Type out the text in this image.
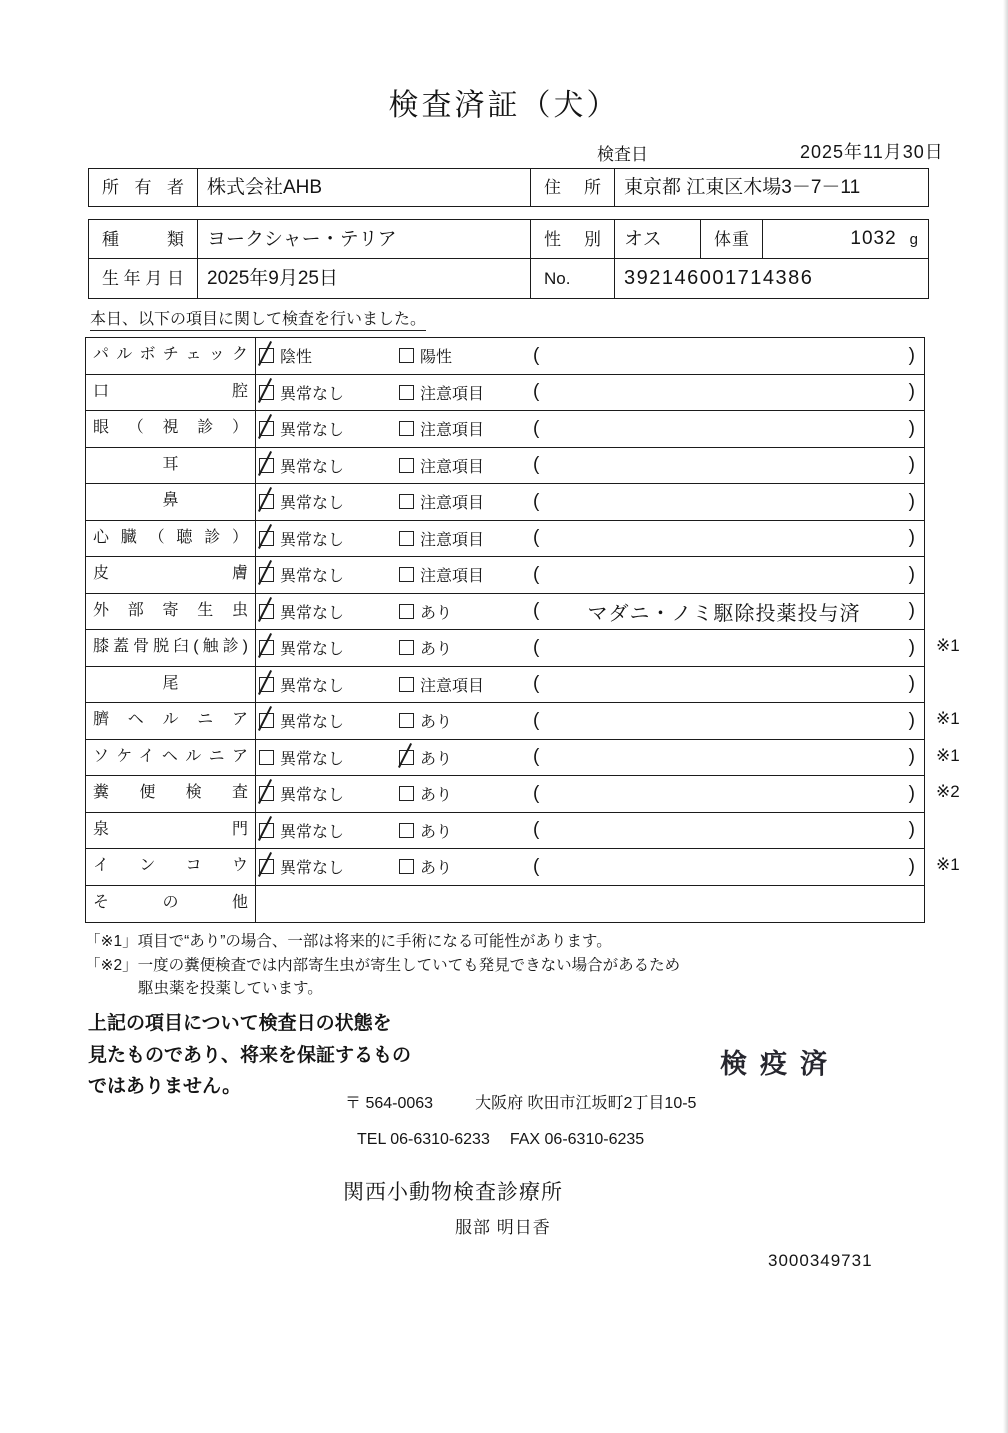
検査済証（犬）
検査日	2025年11月30日
所有者	株式会社AHB	住所	東京都 江東区木場3－7－11
種類	ヨークシャー・テリア	性別	オス	体重	1032 g
生年月日	2025年9月25日	No.	392146001714386
本日、以下の項目に関して検査を行いました。
パルボチェック	陰性	陽性	(	)
口腔	異常なし	注意項目	(	)
眼（視診）	異常なし	注意項目	(	)
耳	異常なし	注意項目	(	)
鼻	異常なし	注意項目	(	)
心臓（聴診）	異常なし	注意項目	(	)
皮膚	異常なし	注意項目	(	)
外部寄生虫	異常なし	あり	(	マダニ・ノミ駆除投薬投与済	)
膝蓋骨脱臼(触診)	異常なし	あり	(	) ※1
尾	異常なし	注意項目	(	)
臍ヘルニア	異常なし	あり	(	) ※1
ソケイヘルニア	異常なし	あり	(	) ※1
糞便検査	異常なし	あり	(	) ※2
泉門	異常なし	あり	(	)
インコウ	異常なし	あり	(	) ※1
その他
「※1」項目で“あり”の場合、一部は将来的に手術になる可能性があります。
「※2」一度の糞便検査では内部寄生虫が寄生していても発見できない場合があるため
駆虫薬を投薬しています。
上記の項目について検査日の状態を
見たものであり、将来を保証するもの
ではありません。
検疫済
〒 564-0063	大阪府 吹田市江坂町2丁目10-5
TEL 06-6310-6233 FAX 06-6310-6235
関西小動物検査診療所
服部 明日香
3000349731
